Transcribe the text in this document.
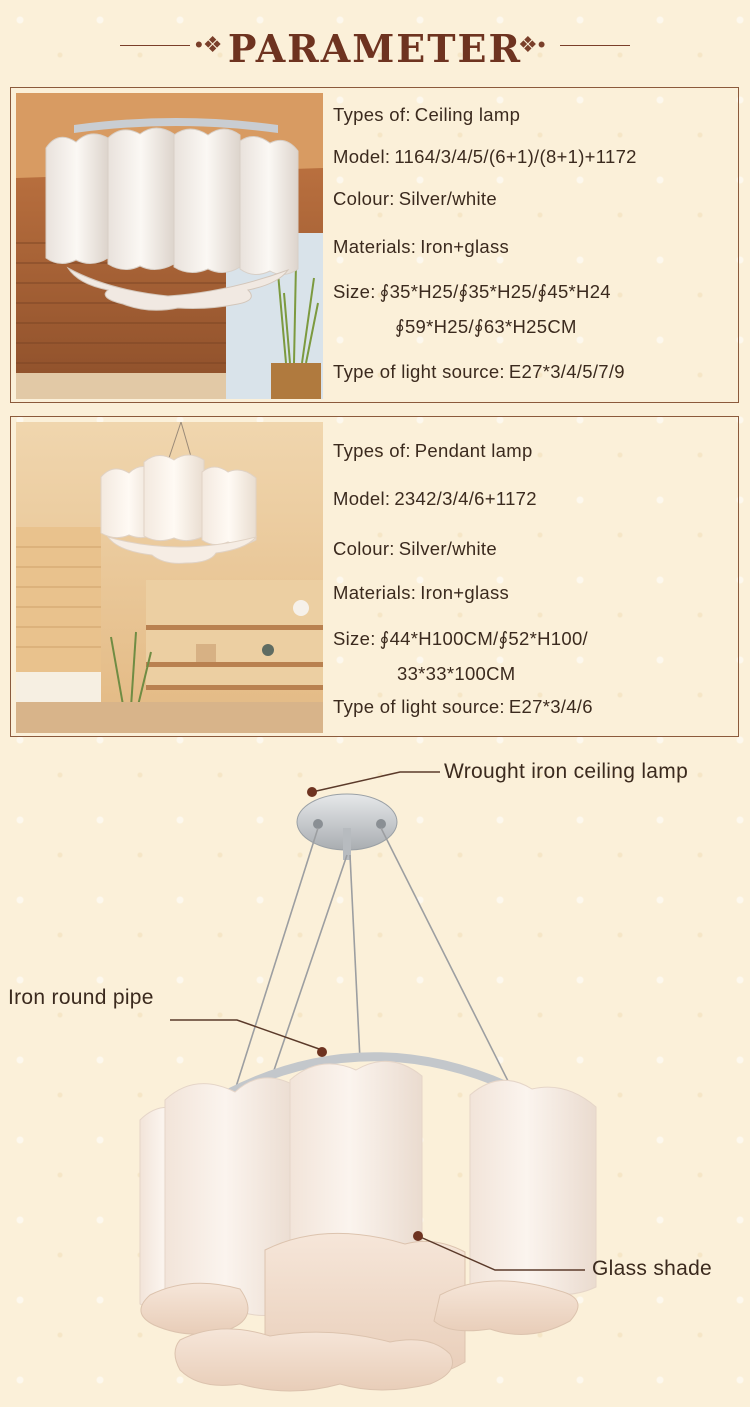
•❖ PARAMETER
❖•
Types of: Ceiling lamp
Model: 1164/3/4/5/(6+1)/(8+1)+1172
Colour: Silver/white
Materials: Iron+glass
Size: ∮35*H25/∮35*H25/∮45*H24
∮59*H25/∮63*H25CM
Type of light source: E27*3/4/5/7/9
Types of: Pendant lamp
Model: 2342/3/4/6+1172
Colour: Silver/white
Materials: Iron+glass
Size: ∮44*H100CM/∮52*H100/
33*33*100CM
Type of light source: E27*3/4/6
Wrought iron ceiling lamp
Iron round pipe
Glass shade
